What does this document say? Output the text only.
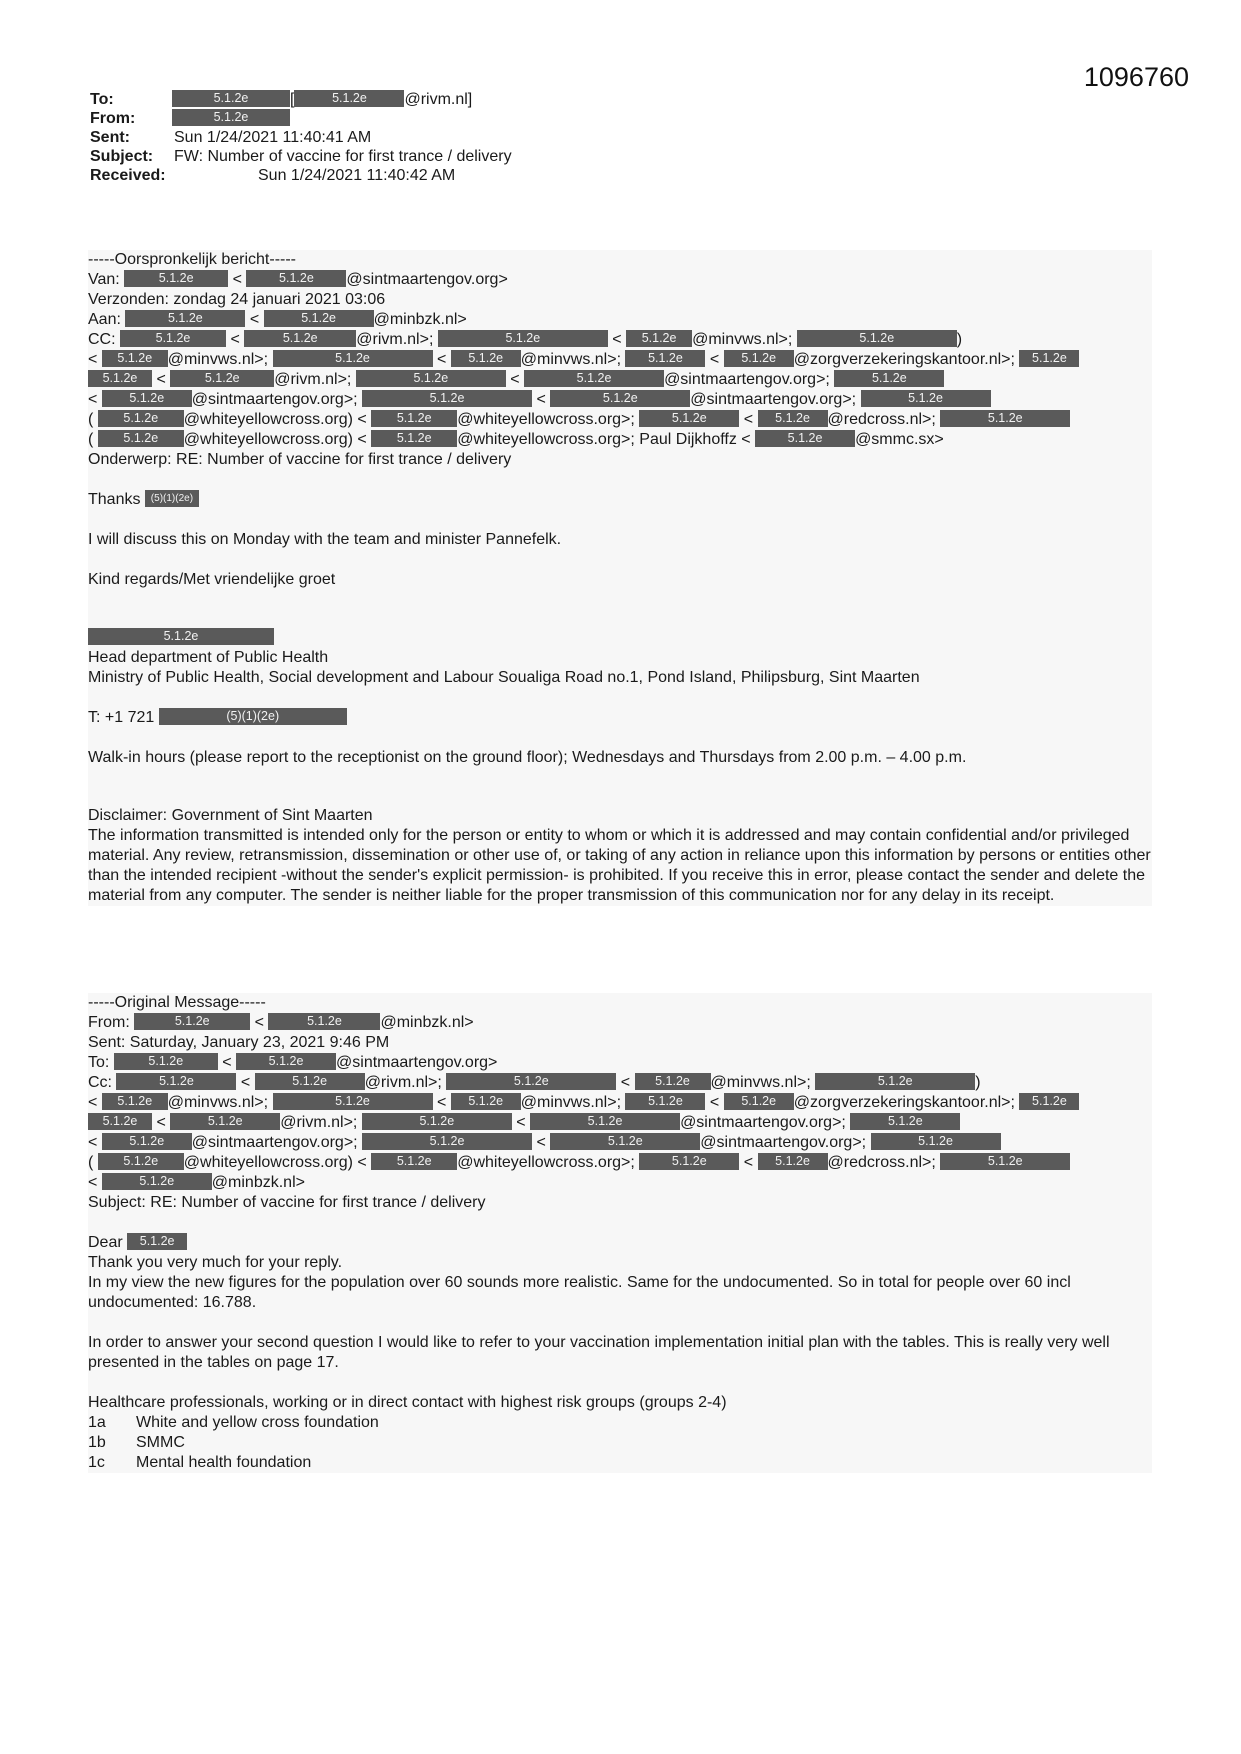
1096760
To:	5.1.2e	[	5.1.2e @rivm.nl]
From:	5.1.2e
Sent:	Sun 1/24/2021 11:40:41 AM
Subject: FW: Number of vaccine for first trance / delivery
Received:	Sun 1/24/2021 11:40:42 AM
-----Oorspronkelijk bericht-----
Van:	5.1.2e <	5.1.2e @sintmaartengov.org>
Verzonden: zondag 24 januari 2021 03:06
Aan:	5.1.2e	<	5.1.2e @minbzk.nl>
CC:	5.1.2e <	5.1.2e @rivm.nl>;	5.1.2e	< 5.1.2e @minvws.nl>;	5.1.2e	)
< 5.1.2e @minvws.nl>;	5.1.2e	< 5.1.2e @minvws.nl>; 5.1.2e < 5.1.2e @zorgverzekeringskantoor.nl>; 5.1.2e
5.1.2e <	5.1.2e @rivm.nl>;	5.1.2e	<	5.1.2e	@sintmaartengov.org>;	5.1.2e
< 5.1.2e @sintmaartengov.org>;	5.1.2e	<	5.1.2e	@sintmaartengov.org>;	5.1.2e
( 5.1.2e @whiteyellowcross.org) < 5.1.2e @whiteyellowcross.org>;	5.1.2e < 5.1.2e @redcross.nl>;	5.1.2e
( 5.1.2e @whiteyellowcross.org) < 5.1.2e @whiteyellowcross.org>; Paul Dijkhoffz <	5.1.2e @smmc.sx>
Onderwerp: RE: Number of vaccine for first trance / delivery
Thanks (5)(1)(2e)
I will discuss this on Monday with the team and minister Pannefelk.
Kind regards/Met vriendelijke groet
5.1.2e
Head department of Public Health
Ministry of Public Health, Social development and Labour Soualiga Road no.1, Pond Island, Philipsburg, Sint Maarten
T: +1 721	(5)(1)(2e)
Walk-in hours (please report to the receptionist on the ground floor); Wednesdays and Thursdays from 2.00 p.m. – 4.00 p.m.
Disclaimer: Government of Sint Maarten
The information transmitted is intended only for the person or entity to whom or which it is addressed and may contain confidential and/or privileged material. Any review, retransmission, dissemination or other use of, or taking of any action in reliance upon this information by persons or entities other than the intended recipient -without the sender's explicit permission- is prohibited. If you receive this in error, please contact the sender and delete the material from any computer. The sender is neither liable for the proper transmission of this communication nor for any delay in its receipt.
-----Original Message-----
From:	5.1.2e	<	5.1.2e @minbzk.nl>
Sent: Saturday, January 23, 2021 9:46 PM
To:	5.1.2e <	5.1.2e @sintmaartengov.org>
Cc:	5.1.2e	<	5.1.2e @rivm.nl>;	5.1.2e	< 5.1.2e @minvws.nl>;	5.1.2e	)
< 5.1.2e @minvws.nl>;	5.1.2e	< 5.1.2e @minvws.nl>; 5.1.2e < 5.1.2e @zorgverzekeringskantoor.nl>; 5.1.2e
5.1.2e <	5.1.2e @rivm.nl>;	5.1.2e	<	5.1.2e	@sintmaartengov.org>;	5.1.2e
< 5.1.2e @sintmaartengov.org>;	5.1.2e	<	5.1.2e	@sintmaartengov.org>;	5.1.2e
( 5.1.2e @whiteyellowcross.org) < 5.1.2e @whiteyellowcross.org>;	5.1.2e < 5.1.2e @redcross.nl>;	5.1.2e
<	5.1.2e @minbzk.nl>
Subject: RE: Number of vaccine for first trance / delivery
Dear 5.1.2e
Thank you very much for your reply.
In my view the new figures for the population over 60 sounds more realistic. Same for the undocumented. So in total for people over 60 incl undocumented: 16.788.
In order to answer your second question I would like to refer to your vaccination implementation initial plan with the tables. This is really very well presented in the tables on page 17.
Healthcare professionals, working or in direct contact with highest risk groups (groups 2-4)
1a White and yellow cross foundation
1b SMMC
1c Mental health foundation
